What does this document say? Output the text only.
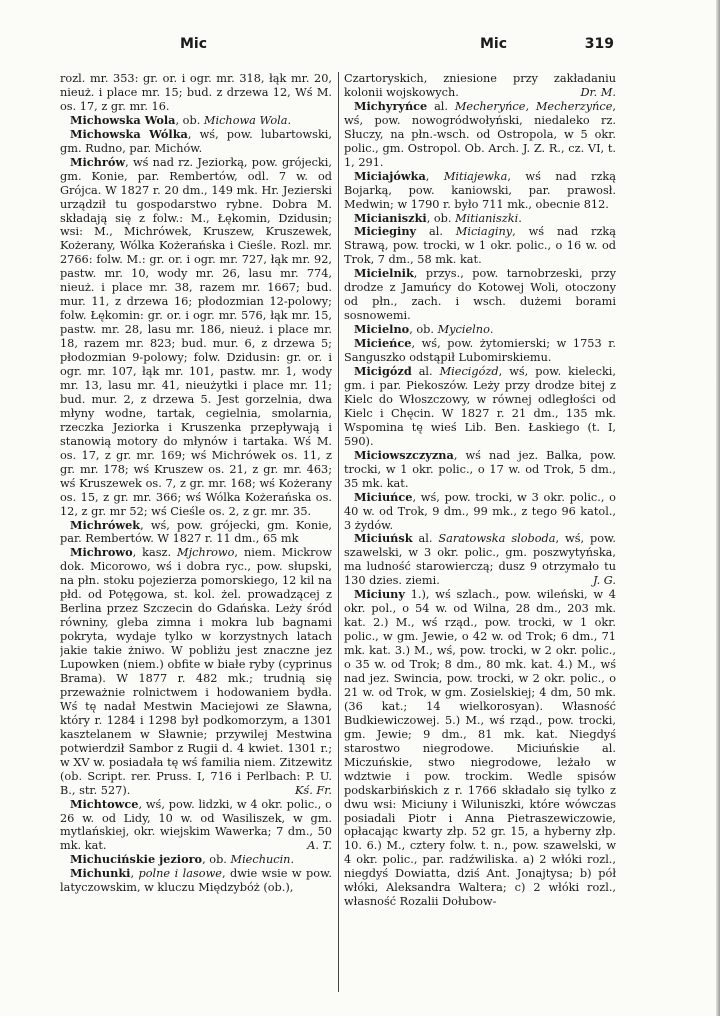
Mic	Mic	319

rozl. mr. 353: gr. or. i ogr. mr. 318, łąk mr. 20, nieuż. i place mr. 15; bud. z drzewa 12, Wś M. os. 17, z gr. mr. 16.

Michowska Wola, ob. Michowa Wola.

Michowska Wólka, wś, pow. lubartowski, gm. Rudno, par. Michów.

Michrów, wś nad rz. Jeziorką, pow. grójecki, gm. Konie, par. Rembertów, odl. 7 w. od Grójca. W 1827 r. 20 dm., 149 mk. Hr. Jezierski urządził tu gospodarstwo rybne. Dobra M. składają się z folw.: M., Łękomin, Dzidusin; wsi: M., Michrówek, Kruszew, Kruszewek, Kożerany, Wólka Kożerańska i Cieśle. Rozl. mr. 2766: folw. M.: gr. or. i ogr. mr. 727, łąk mr. 92, pastw. mr. 10, wody mr. 26, lasu mr. 774, nieuż. i place mr. 38, razem mr. 1667; bud. mur. 11, z drzewa 16; płodozmian 12-polowy; folw. Łękomin: gr. or. i ogr. mr. 576, łąk mr. 15, pastw. mr. 28, lasu mr. 186, nieuż. i place mr. 18, razem mr. 823; bud. mur. 6, z drzewa 5; płodozmian 9-polowy; folw. Dzidusin: gr. or. i ogr. mr. 107, łąk mr. 101, pastw. mr. 1, wody mr. 13, lasu mr. 41, nieużytki i place mr. 11; bud. mur. 2, z drzewa 5. Jest gorzelnia, dwa młyny wodne, tartak, cegielnia, smolarnia, rzeczka Jeziorka i Kruszenka przepływają i stanowią motory do młynów i tartaka. Wś M. os. 17, z gr. mr. 169; wś Michrówek os. 11, z gr. mr. 178; wś Kruszew os. 21, z gr. mr. 463; wś Kruszewek os. 7, z gr. mr. 168; wś Kożerany os. 15, z gr. mr. 366; wś Wólka Kożerańska os. 12, z gr. mr 52; wś Cieśle os. 2, z gr. mr. 35.

Michrówek, wś, pow. grójecki, gm. Konie, par. Rembertów. W 1827 r. 11 dm., 65 mk

Michrowo, kasz. Mjchrowo, niem. Mickrow dok. Micorowo, wś i dobra ryc., pow. słupski, na płn. stoku pojezierza pomorskiego, 12 kil na płd. od Potęgowa, st. kol. żel. prowadzącej z Berlina przez Szczecin do Gdańska. Leży śród równiny, gleba zimna i mokra lub bagnami pokryta, wydaje tylko w korzystnych latach jakie takie żniwo. W pobliżu jest znaczne jez Lupowken (niem.) obfite w białe ryby (cyprinus Brama). W 1877 r. 482 mk.; trudnią się przeważnie rolnictwem i hodowaniem bydła. Wś tę nadał Mestwin Maciejowi ze Sławna, który r. 1284 i 1298 był podkomorzym, a 1301 kasztelanem w Sławnie; przywilej Mestwina potwierdził Sambor z Rugii d. 4 kwiet. 1301 r.; w XV w. posiadała tę wś familia niem. Zitzewitz (ob. Script. rer. Pruss. I, 716 i Perlbach: P. U. B., str. 527).	Kś. Fr.

Michtowce, wś, pow. lidzki, w 4 okr. polic., o 26 w. od Lidy, 10 w. od Wasiliszek, w gm. mytlańskiej, okr. wiejskim Wawerka; 7 dm., 50 mk. kat.	A. T.

Michucińskie jezioro, ob. Miechucin.

Michunki, polne i lasowe, dwie wsie w pow. latyczowskim, w kluczu Międzybóż (ob.),

Czartoryskich, zniesione przy zakładaniu kolonii wojskowych.	Dr. M.

Michyryńce al. Mecheryńce, Mecherzyńce, wś, pow. nowogródwołyński, niedaleko rz. Słuczy, na płn.-wsch. od Ostropola, w 5 okr. polic., gm. Ostropol. Ob. Arch. J. Z. R., cz. VI, t. 1, 291.

Miciajówka, Mitiajewka, wś nad rzką Bojarką, pow. kaniowski, par. prawosł. Medwin; w 1790 r. było 711 mk., obecnie 812.

Micianiszki, ob. Mitianiszki.

Micieginy al. Miciaginy, wś nad rzką Strawą, pow. trocki, w 1 okr. polic., o 16 w. od Trok, 7 dm., 58 mk. kat.

Micielnik, przys., pow. tarnobrzeski, przy drodze z Jamuńcy do Kotowej Woli, otoczony od płn., zach. i wsch. dużemi borami sosnowemi.

Micielno, ob. Mycielno.

Micieńce, wś, pow. żytomierski; w 1753 r. Sanguszko odstąpił Lubomirskiemu.

Micigózd al. Miecigózd, wś, pow. kielecki, gm. i par. Piekoszów. Leży przy drodze bitej z Kielc do Włoszczowy, w równej odległości od Kielc i Chęcin. W 1827 r. 21 dm., 135 mk. Wspomina tę wieś Lib. Ben. Łaskiego (t. I, 590).

Miciowszczyzna, wś nad jez. Balka, pow. trocki, w 1 okr. polic., o 17 w. od Trok, 5 dm., 35 mk. kat.

Miciuńce, wś, pow. trocki, w 3 okr. polic., o 40 w. od Trok, 9 dm., 99 mk., z tego 96 katol., 3 żydów.

Miciuńsk al. Saratowska sloboda, wś, pow. szawelski, w 3 okr. polic., gm. poszwytyńska, ma ludność starowierczą; dusz 9 otrzymało tu 130 dzies. ziemi.	J. G.

Miciuny 1.), wś szlach., pow. wileński, w 4 okr. pol., o 54 w. od Wilna, 28 dm., 203 mk. kat. 2.) M., wś rząd., pow. trocki, w 1 okr. polic., w gm. Jewie, o 42 w. od Trok; 6 dm., 71 mk. kat. 3.) M., wś, pow. trocki, w 2 okr. polic., o 35 w. od Trok; 8 dm., 80 mk. kat. 4.) M., wś nad jez. Swincia, pow. trocki, w 2 okr. polic., o 21 w. od Trok, w gm. Zosielskiej; 4 dm, 50 mk. (36 kat.; 14 wielkorosyan). Własność Budkiewiczowej. 5.) M., wś rząd., pow. trocki, gm. Jewie; 9 dm., 81 mk. kat. Niegdyś starostwo niegrodowe. Miciuńskie al. Miczuńskie, stwo niegrodowe, leżało w wdztwie i pow. trockim. Wedle spisów podskarbińskich z r. 1766 składało się tylko z dwu wsi: Miciuny i Wiluniszki, które wówczas posiadali Piotr i Anna Pietraszewiczowie, opłacając kwarty złp. 52 gr. 15, a hyberny złp. 10. 6.) M., cztery folw. t. n., pow. szawelski, w 4 okr. polic., par. radźwiliska. a) 2 włóki rozl., niegdyś Dowiatta, dziś Ant. Jonajtysa; b) pół włóki, Aleksandra Waltera; c) 2 włóki rozl., własność Rozalii Dołubow-
